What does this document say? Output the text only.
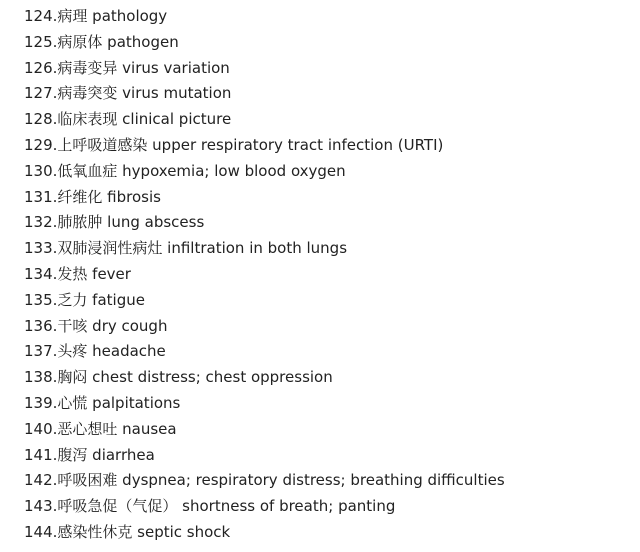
124.病理 pathology
125.病原体 pathogen
126.病毒变异 virus variation
127.病毒突变 virus mutation
128.临床表现 clinical picture
129.上呼吸道感染 upper respiratory tract infection (URTI)
130.低氧血症 hypoxemia; low blood oxygen
131.纤维化 fibrosis
132.肺脓肿 lung abscess
133.双肺浸润性病灶 infiltration in both lungs
134.发热 fever
135.乏力 fatigue
136.干咳 dry cough
137.头疼 headache
138.胸闷 chest distress; chest oppression
139.心慌 palpitations
140.恶心想吐 nausea
141.腹泻 diarrhea
142.呼吸困难 dyspnea; respiratory distress; breathing difficulties
143.呼吸急促（气促） shortness of breath; panting
144.感染性休克 septic shock
